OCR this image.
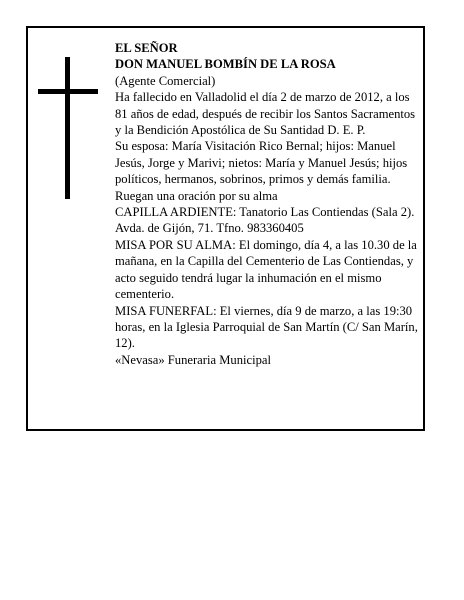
EL SEÑOR

DON MANUEL BOMBÍN DE LA ROSA

(Agente Comercial)

Ha fallecido en Valladolid el día 2 de marzo de 2012, a los 81 años de edad, después de recibir los Santos Sacramentos y la Bendición Apostólica de Su Santidad D. E. P.

Su esposa: María Visitación Rico Bernal; hijos: Manuel Jesús, Jorge y Marivi; nietos: María y Manuel Jesús; hijos políticos, hermanos, sobrinos, primos y demás familia.

Ruegan una oración por su alma

CAPILLA ARDIENTE: Tanatorio Las Contiendas (Sala 2). Avda. de Gijón, 71. Tfno. 983360405

MISA POR SU ALMA: El domingo, día 4, a las 10.30 de la mañana, en la Capilla del Cementerio de Las Contiendas, y acto seguido tendrá lugar la inhumación en el mismo cementerio.

MISA FUNERFAL: El viernes, día 9 de marzo, a las 19:30 horas, en la Iglesia Parroquial de San Martín (C/ San Marín, 12).

«Nevasa» Funeraria Municipal
